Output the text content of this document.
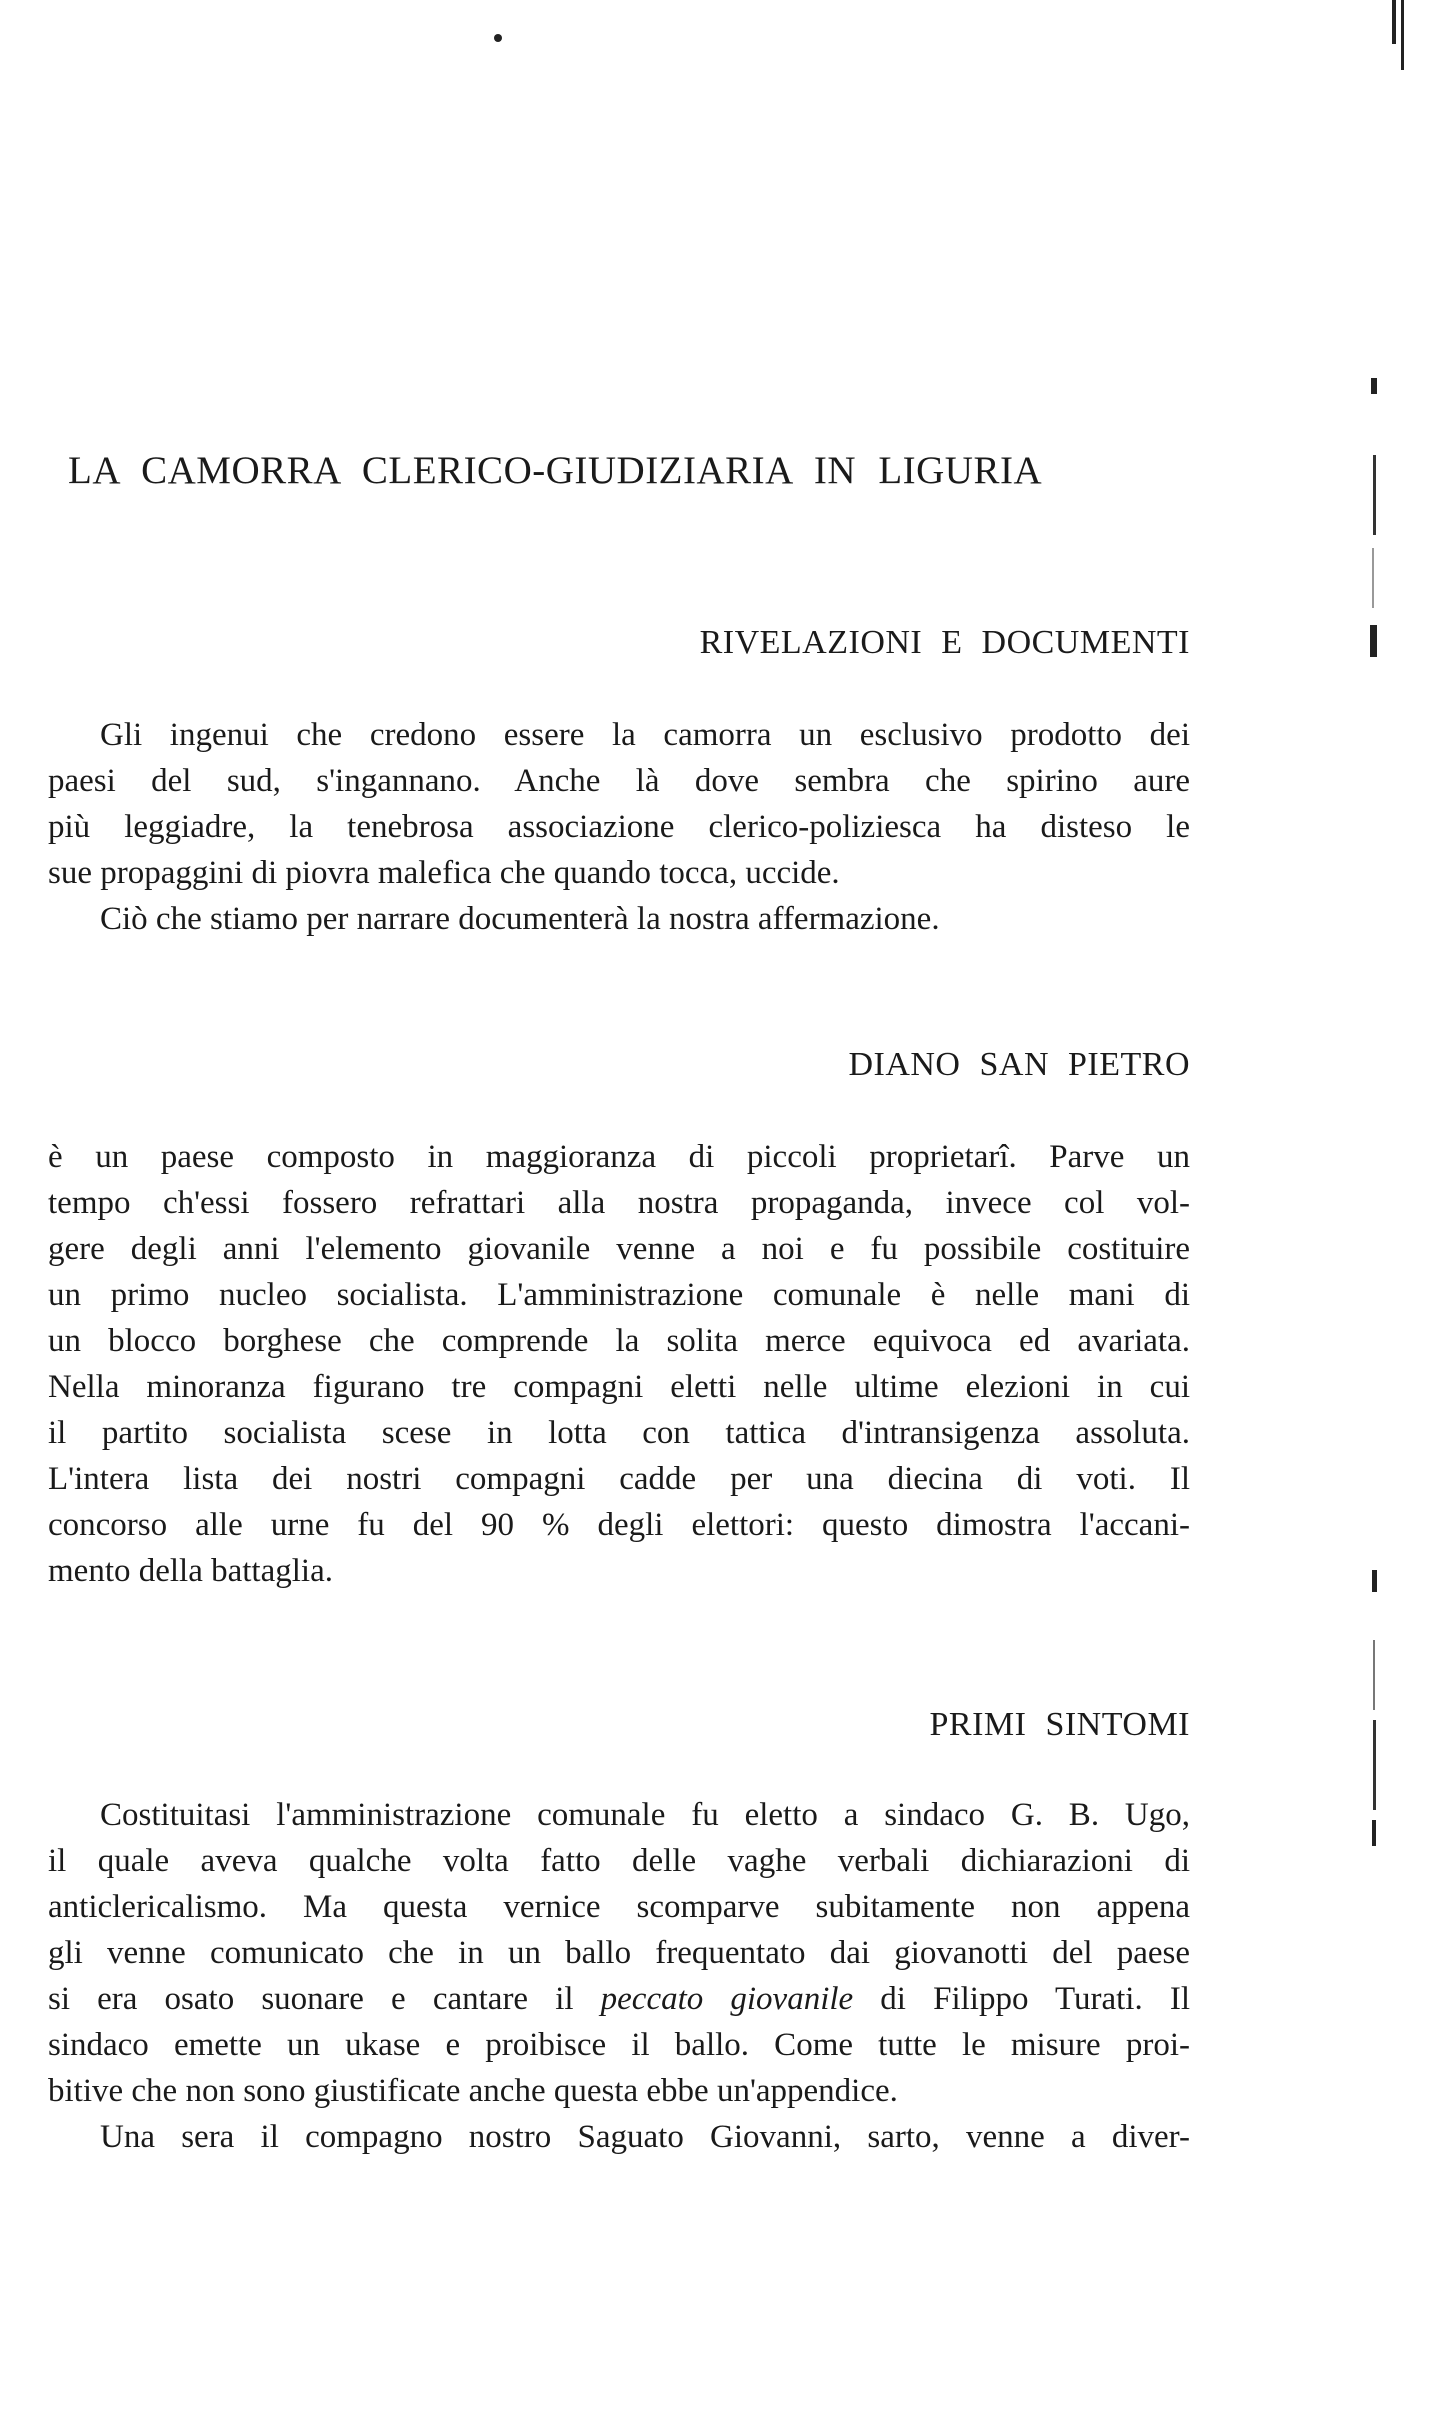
LA CAMORRA CLERICO-GIUDIZIARIA IN LIGURIA
RIVELAZIONI E DOCUMENTI
Gli ingenui che credono essere la camorra un esclusivo prodotto dei
paesi del sud, s'ingannano. Anche là dove sembra che spirino aure
più leggiadre, la tenebrosa associazione clerico-poliziesca ha disteso le
sue propaggini di piovra malefica che quando tocca, uccide.
Ciò che stiamo per narrare documenterà la nostra affermazione.
DIANO SAN PIETRO
è un paese composto in maggioranza di piccoli proprietarî. Parve un
tempo ch'essi fossero refrattari alla nostra propaganda, invece col vol-
gere degli anni l'elemento giovanile venne a noi e fu possibile costituire
un primo nucleo socialista. L'amministrazione comunale è nelle mani di
un blocco borghese che comprende la solita merce equivoca ed avariata.
Nella minoranza figurano tre compagni eletti nelle ultime elezioni in cui
il partito socialista scese in lotta con tattica d'intransigenza assoluta.
L'intera lista dei nostri compagni cadde per una diecina di voti. Il
concorso alle urne fu del 90 % degli elettori: questo dimostra l'accani-
mento della battaglia.
PRIMI SINTOMI
Costituitasi l'amministrazione comunale fu eletto a sindaco G. B. Ugo,
il quale aveva qualche volta fatto delle vaghe verbali dichiarazioni di
anticlericalismo. Ma questa vernice scomparve subitamente non appena
gli venne comunicato che in un ballo frequentato dai giovanotti del paese
si era osato suonare e cantare il peccato giovanile di Filippo Turati. Il
sindaco emette un ukase e proibisce il ballo. Come tutte le misure proi-
bitive che non sono giustificate anche questa ebbe un'appendice.
Una sera il compagno nostro Saguato Giovanni, sarto, venne a diver-
